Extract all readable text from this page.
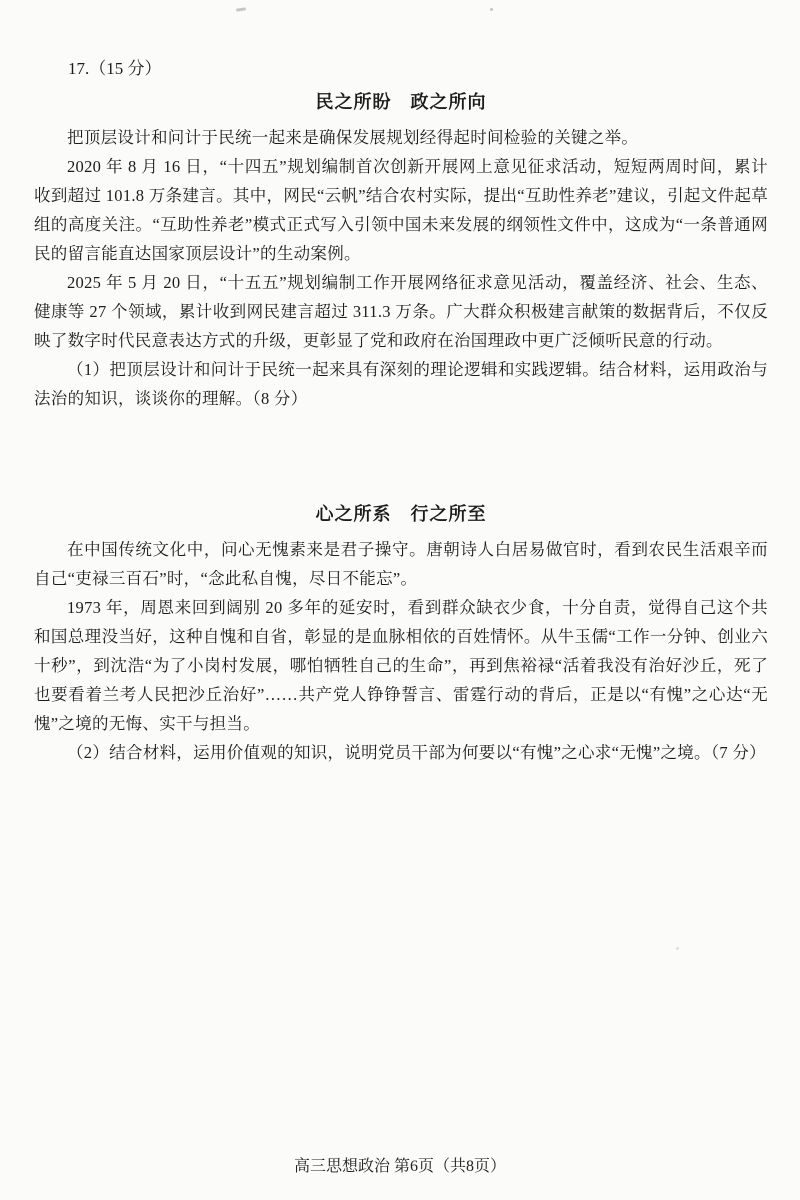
17.（15 分）

民之所盼　政之所向

把顶层设计和问计于民统一起来是确保发展规划经得起时间检验的关键之举。

2020 年 8 月 16 日，“十四五”规划编制首次创新开展网上意见征求活动，短短两周时间，累计收到超过 101.8 万条建言。其中，网民“云帆”结合农村实际，提出“互助性养老”建议，引起文件起草组的高度关注。“互助性养老”模式正式写入引领中国未来发展的纲领性文件中，这成为“一条普通网民的留言能直达国家顶层设计”的生动案例。

2025 年 5 月 20 日，“十五五”规划编制工作开展网络征求意见活动，覆盖经济、社会、生态、健康等 27 个领域，累计收到网民建言超过 311.3 万条。广大群众积极建言献策的数据背后，不仅反映了数字时代民意表达方式的升级，更彰显了党和政府在治国理政中更广泛倾听民意的行动。

（1）把顶层设计和问计于民统一起来具有深刻的理论逻辑和实践逻辑。结合材料，运用政治与法治的知识，谈谈你的理解。（8 分）

心之所系　行之所至

在中国传统文化中，问心无愧素来是君子操守。唐朝诗人白居易做官时，看到农民生活艰辛而自己“吏禄三百石”时，“念此私自愧，尽日不能忘”。

1973 年，周恩来回到阔别 20 多年的延安时，看到群众缺衣少食，十分自责，觉得自己这个共和国总理没当好，这种自愧和自省，彰显的是血脉相依的百姓情怀。从牛玉儒“工作一分钟、创业六十秒”，到沈浩“为了小岗村发展，哪怕牺牲自己的生命”，再到焦裕禄“活着我没有治好沙丘，死了也要看着兰考人民把沙丘治好”……共产党人铮铮誓言、雷霆行动的背后，正是以“有愧”之心达“无愧”之境的无悔、实干与担当。

（2）结合材料，运用价值观的知识，说明党员干部为何要以“有愧”之心求“无愧”之境。（7 分）

高三思想政治 第6页（共8页）
